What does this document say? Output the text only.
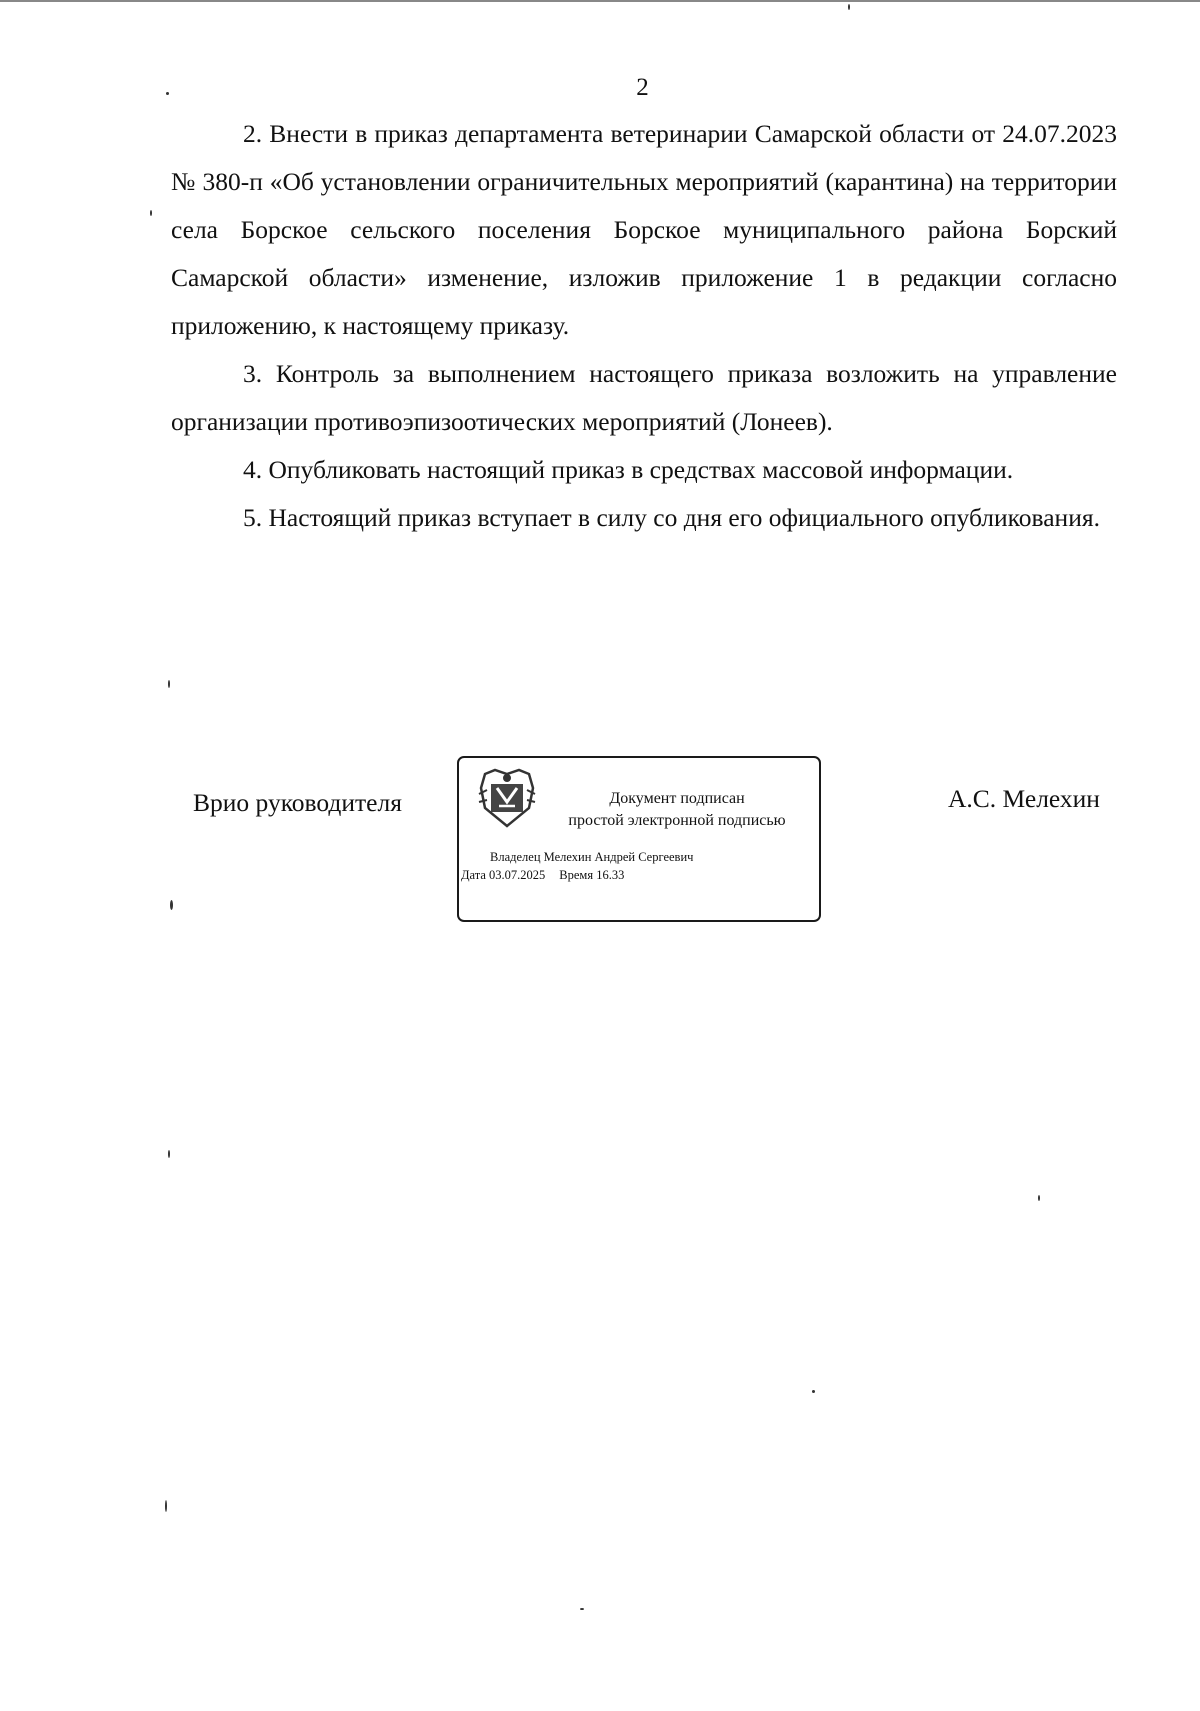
2

2. Внести в приказ департамента ветеринарии Самарской области от 24.07.2023 № 380-п «Об установлении ограничительных мероприятий (карантина) на территории села Борское сельского поселения Борское муниципального района Борский Самарской области» изменение, изложив приложение 1 в редакции согласно приложению, к настоящему приказу.

3. Контроль за выполнением настоящего приказа возложить на управление организации противоэпизоотических мероприятий (Лонеев).

4. Опубликовать настоящий приказ в средствах массовой информации.

5. Настоящий приказ вступает в силу со дня его официального опубликования.

Врио руководителя	Документ подписан
простой электронной подписью
Владелец Мелехин Андрей Сергеевич
Дата 03.07.2025 Время 16.33
А.С. Мелехин
